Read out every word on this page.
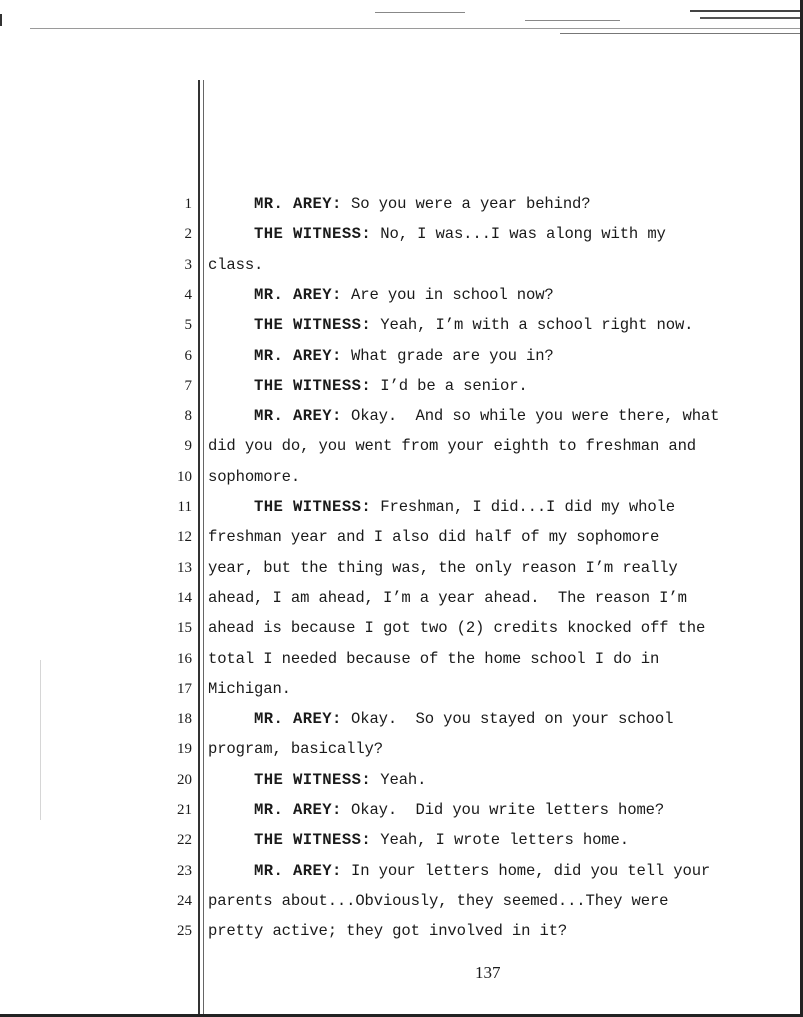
1	MR. AREY: So you were a year behind?
2	THE WITNESS: No, I was...I was along with my
3 class.
4	MR. AREY: Are you in school now?
5	THE WITNESS: Yeah, I’m with a school right now.
6	MR. AREY: What grade are you in?
7	THE WITNESS: I’d be a senior.
8	MR. AREY: Okay.  And so while you were there, what
9 did you do, you went from your eighth to freshman and
10 sophomore.
11	THE WITNESS: Freshman, I did...I did my whole
12 freshman year and I also did half of my sophomore
13 year, but the thing was, the only reason I’m really
14 ahead, I am ahead, I’m a year ahead.  The reason I’m
15 ahead is because I got two (2) credits knocked off the
16 total I needed because of the home school I do in
17 Michigan.
18	MR. AREY: Okay.  So you stayed on your school
19 program, basically?
20	THE WITNESS: Yeah.
21	MR. AREY: Okay.  Did you write letters home?
22	THE WITNESS: Yeah, I wrote letters home.
23	MR. AREY: In your letters home, did you tell your
24 parents about...Obviously, they seemed...They were
25 pretty active; they got involved in it?
137
